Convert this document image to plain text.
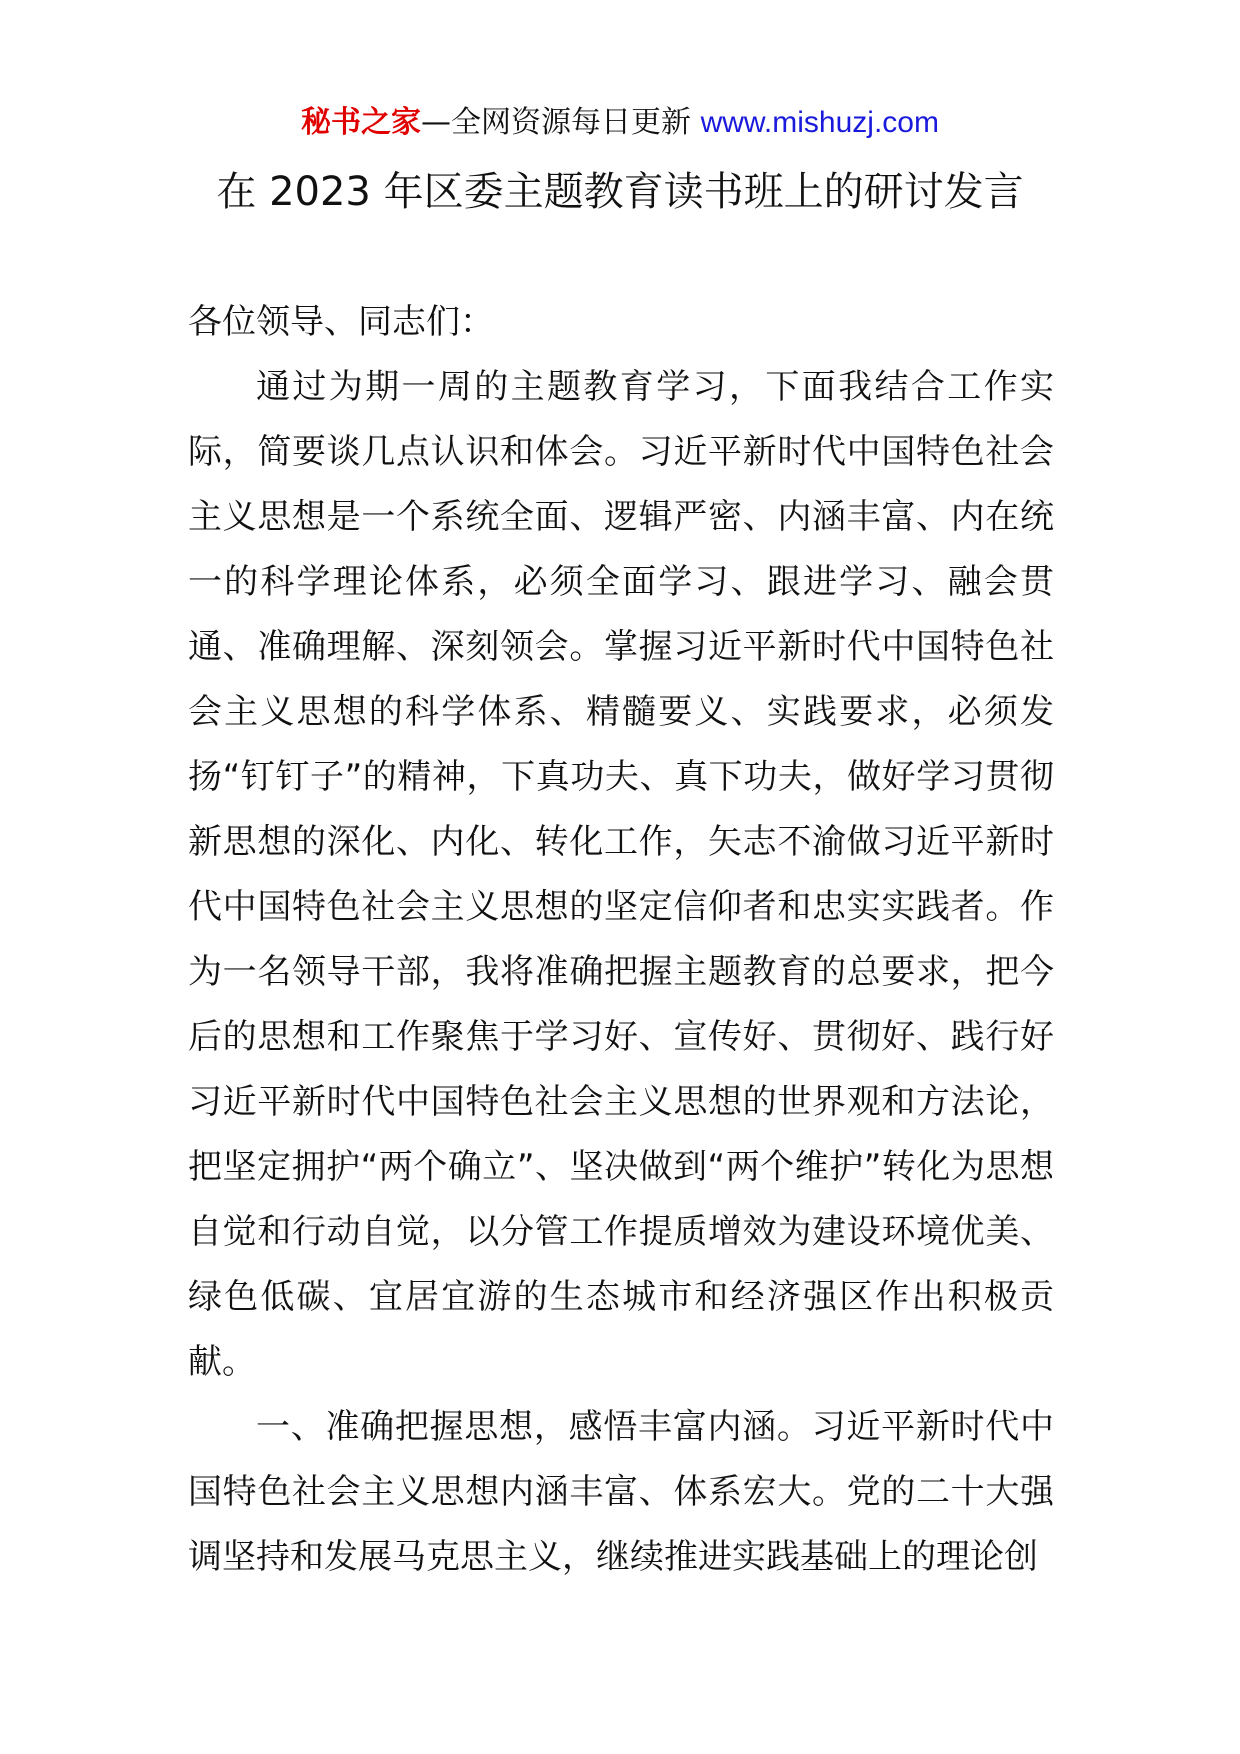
秘书之家—全网资源每日更新 www.mishuzj.com
在 2023 年区委主题教育读书班上的研讨发言

各位领导、同志们：

通过为期一周的主题教育学习，下面我结合工作实际，简要谈几点认识和体会。习近平新时代中国特色社会主义思想是一个系统全面、逻辑严密、内涵丰富、内在统一的科学理论体系，必须全面学习、跟进学习、融会贯通、准确理解、深刻领会。掌握习近平新时代中国特色社会主义思想的科学体系、精髓要义、实践要求，必须发扬“钉钉子”的精神，下真功夫、真下功夫，做好学习贯彻新思想的深化、内化、转化工作，矢志不渝做习近平新时代中国特色社会主义思想的坚定信仰者和忠实实践者。作为一名领导干部，我将准确把握主题教育的总要求，把今后的思想和工作聚焦于学习好、宣传好、贯彻好、践行好习近平新时代中国特色社会主义思想的世界观和方法论，把坚定拥护“两个确立”、坚决做到“两个维护”转化为思想自觉和行动自觉，以分管工作提质增效为建设环境优美、绿色低碳、宜居宜游的生态城市和经济强区作出积极贡献。

一、准确把握思想，感悟丰富内涵。习近平新时代中国特色社会主义思想内涵丰富、体系宏大。党的二十大强调坚持和发展马克思主义，继续推进实践基础上的理论创
